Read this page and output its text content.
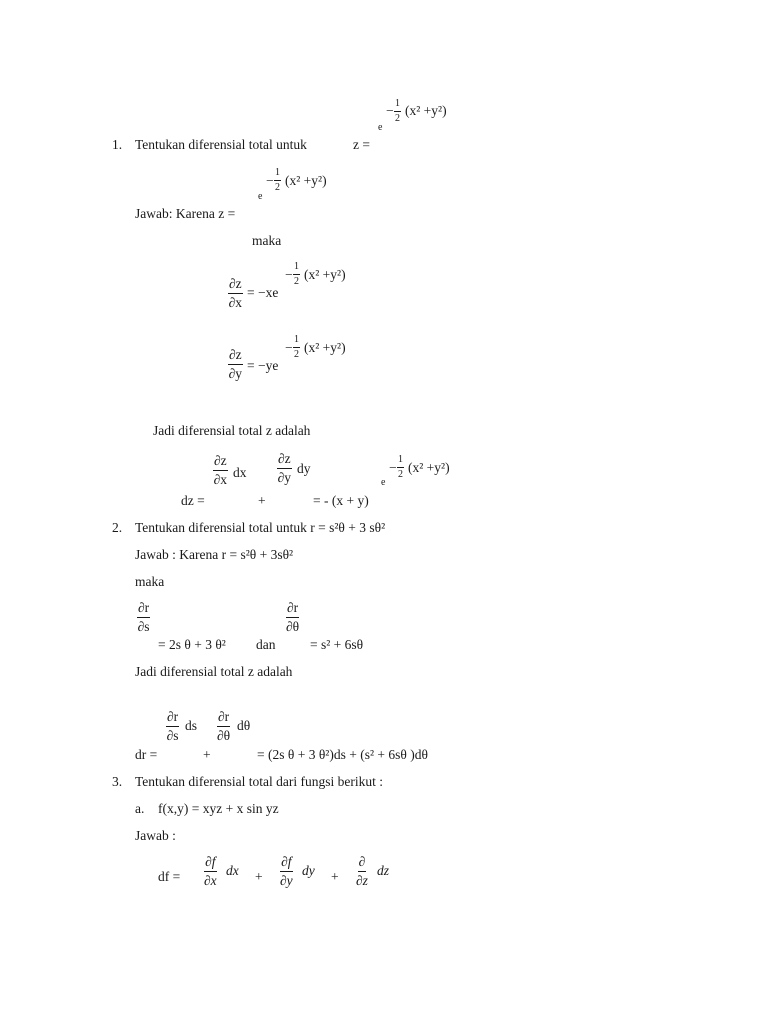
e
− $\frac{1}{2} (x^2 +y^2)$
1. Tentukan diferensial total untuk	z =
e
− $\frac{1}{2} (x^2 +y^2)$
Jawab: Karena z =
maka
$\frac{\partial z}{\partial x} = -xe$
− $\frac{1}{2} (x^2 +y^2)$
$\frac{\partial z}{\partial y} = -ye$
− $\frac{1}{2} (x^2 +y^2)$
Jadi diferensial total z adalah
$\frac{\partial z}{\partial x}$ dx $\frac{\partial z}{\partial y}$ dy
e
− $\frac{1}{2} (x^2 +y^2)$
dz =	+	= - (x + y)
2. Tentukan diferensial total untuk r = s²θ + 3 sθ²
Jawab : Karena r = s²θ + 3sθ²
maka
$\frac{\partial r}{\partial s}$	$\frac{\partial r}{\partial\theta}$
= 2s θ + 3 θ² dan	= s² + 6sθ
Jadi diferensial total z adalah
$\frac{\partial r}{\partial s}$ ds $\frac{\partial r}{\partial\theta}$ dθ
dr =	+	= (2s θ + 3 θ²)ds + (s² + 6sθ )dθ
3. Tentukan diferensial total dari fungsi berikut :
a. f(x,y) = xyz + x sin yz
Jawab :
df = $\frac{\partial f}{\partial x}$ dx + $\frac{\partial f}{\partial y}$ dy +
∂
∂z
dz
